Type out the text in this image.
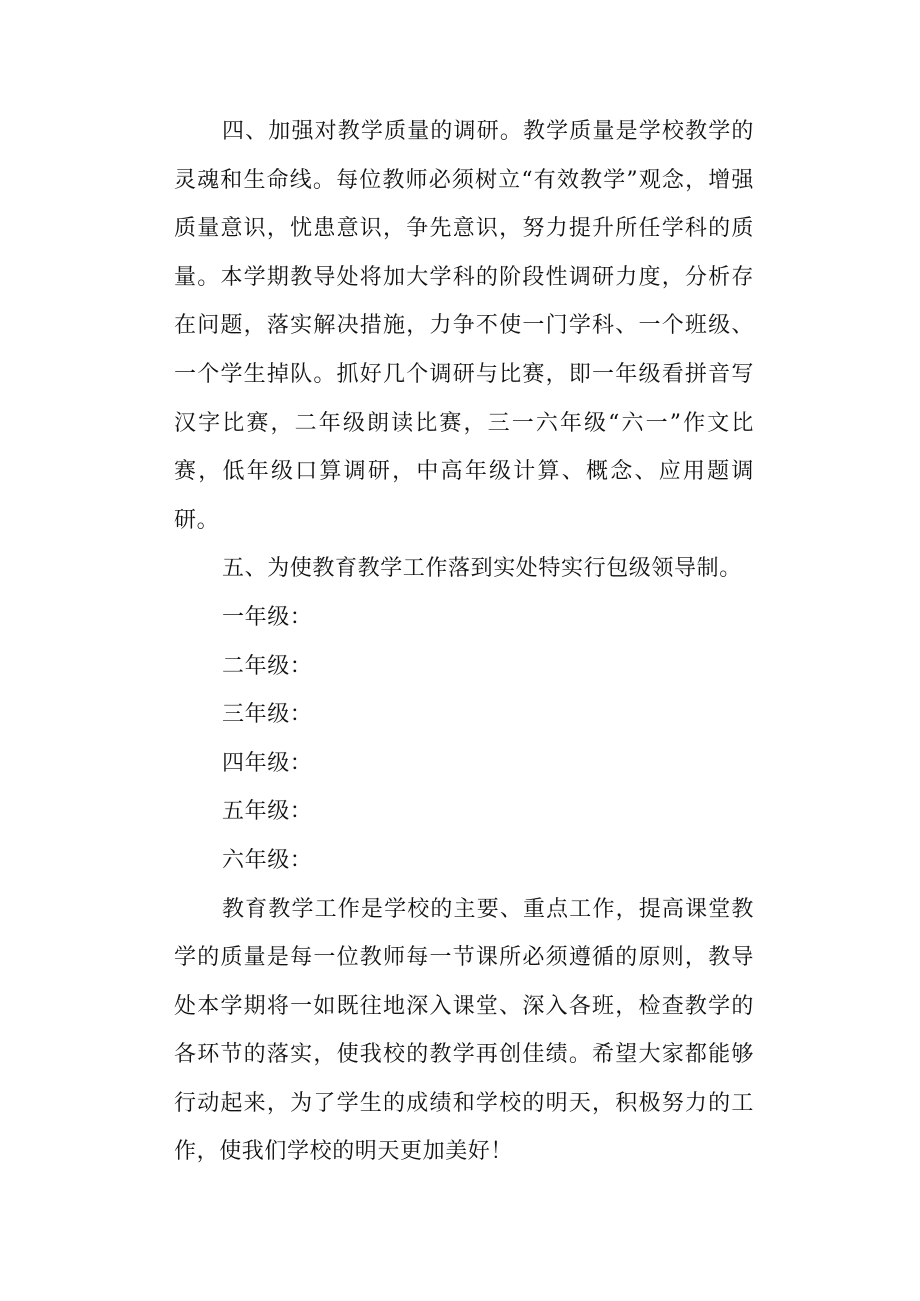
四、加强对教学质量的调研。教学质量是学校教学的灵魂和生命线。每位教师必须树立“有效教学”观念，增强质量意识，忧患意识，争先意识，努力提升所任学科的质量。本学期教导处将加大学科的阶段性调研力度，分析存在问题，落实解决措施，力争不使一门学科、一个班级、一个学生掉队。抓好几个调研与比赛，即一年级看拼音写汉字比赛，二年级朗读比赛，三一六年级“六一”作文比赛，低年级口算调研，中高年级计算、概念、应用题调研。

五、为使教育教学工作落到实处特实行包级领导制。

一年级：

二年级：

三年级：

四年级：

五年级：

六年级：

教育教学工作是学校的主要、重点工作，提高课堂教学的质量是每一位教师每一节课所必须遵循的原则，教导处本学期将一如既往地深入课堂、深入各班，检查教学的各环节的落实，使我校的教学再创佳绩。希望大家都能够行动起来，为了学生的成绩和学校的明天，积极努力的工作，使我们学校的明天更加美好！
